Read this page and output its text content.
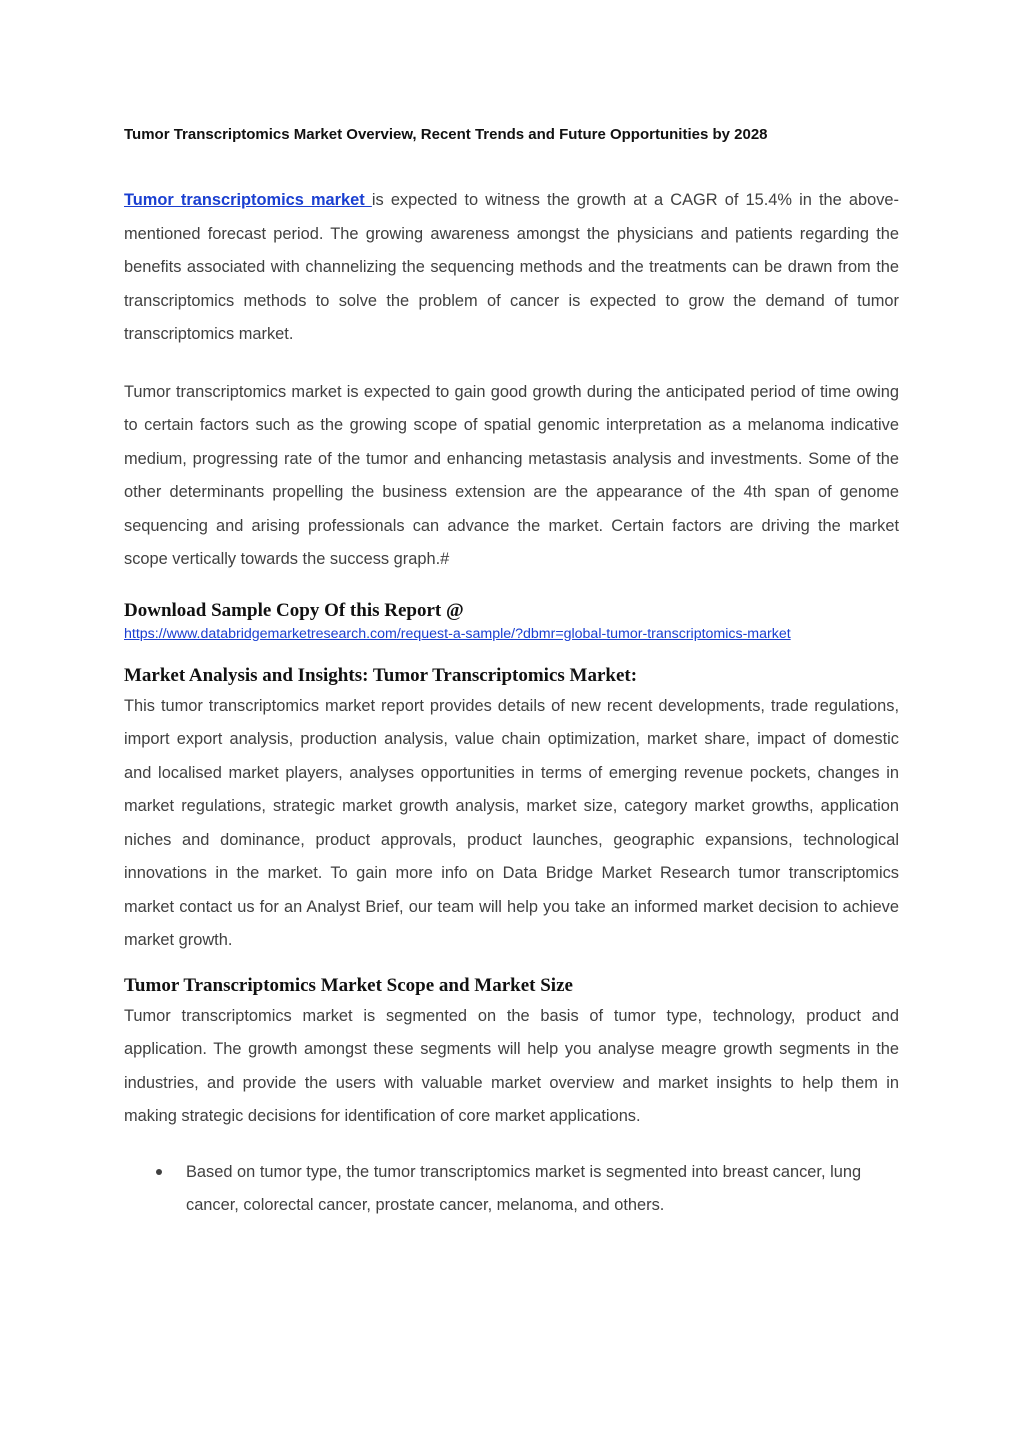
Tumor Transcriptomics Market Overview, Recent Trends and Future Opportunities by 2028

Tumor transcriptomics market is expected to witness the growth at a CAGR of 15.4% in the above-mentioned forecast period. The growing awareness amongst the physicians and patients regarding the benefits associated with channelizing the sequencing methods and the treatments can be drawn from the transcriptomics methods to solve the problem of cancer is expected to grow the demand of tumor transcriptomics market.

Tumor transcriptomics market is expected to gain good growth during the anticipated period of time owing to certain factors such as the growing scope of spatial genomic interpretation as a melanoma indicative medium, progressing rate of the tumor and enhancing metastasis analysis and investments. Some of the other determinants propelling the business extension are the appearance of the 4th span of genome sequencing and arising professionals can advance the market. Certain factors are driving the market scope vertically towards the success graph.#

Download Sample Copy Of this Report @
https://www.databridgemarketresearch.com/request-a-sample/?dbmr=global-tumor-transcriptomics-market
Market Analysis and Insights: Tumor Transcriptomics Market:

This tumor transcriptomics market report provides details of new recent developments, trade regulations, import export analysis, production analysis, value chain optimization, market share, impact of domestic and localised market players, analyses opportunities in terms of emerging revenue pockets, changes in market regulations, strategic market growth analysis, market size, category market growths, application niches and dominance, product approvals, product launches, geographic expansions, technological innovations in the market. To gain more info on Data Bridge Market Research tumor transcriptomics market contact us for an Analyst Brief, our team will help you take an informed market decision to achieve market growth.

Tumor Transcriptomics Market Scope and Market Size

Tumor transcriptomics market is segmented on the basis of tumor type, technology, product and application. The growth amongst these segments will help you analyse meagre growth segments in the industries, and provide the users with valuable market overview and market insights to help them in making strategic decisions for identification of core market applications.

Based on tumor type, the tumor transcriptomics market is segmented into breast cancer, lung cancer, colorectal cancer, prostate cancer, melanoma, and others.
